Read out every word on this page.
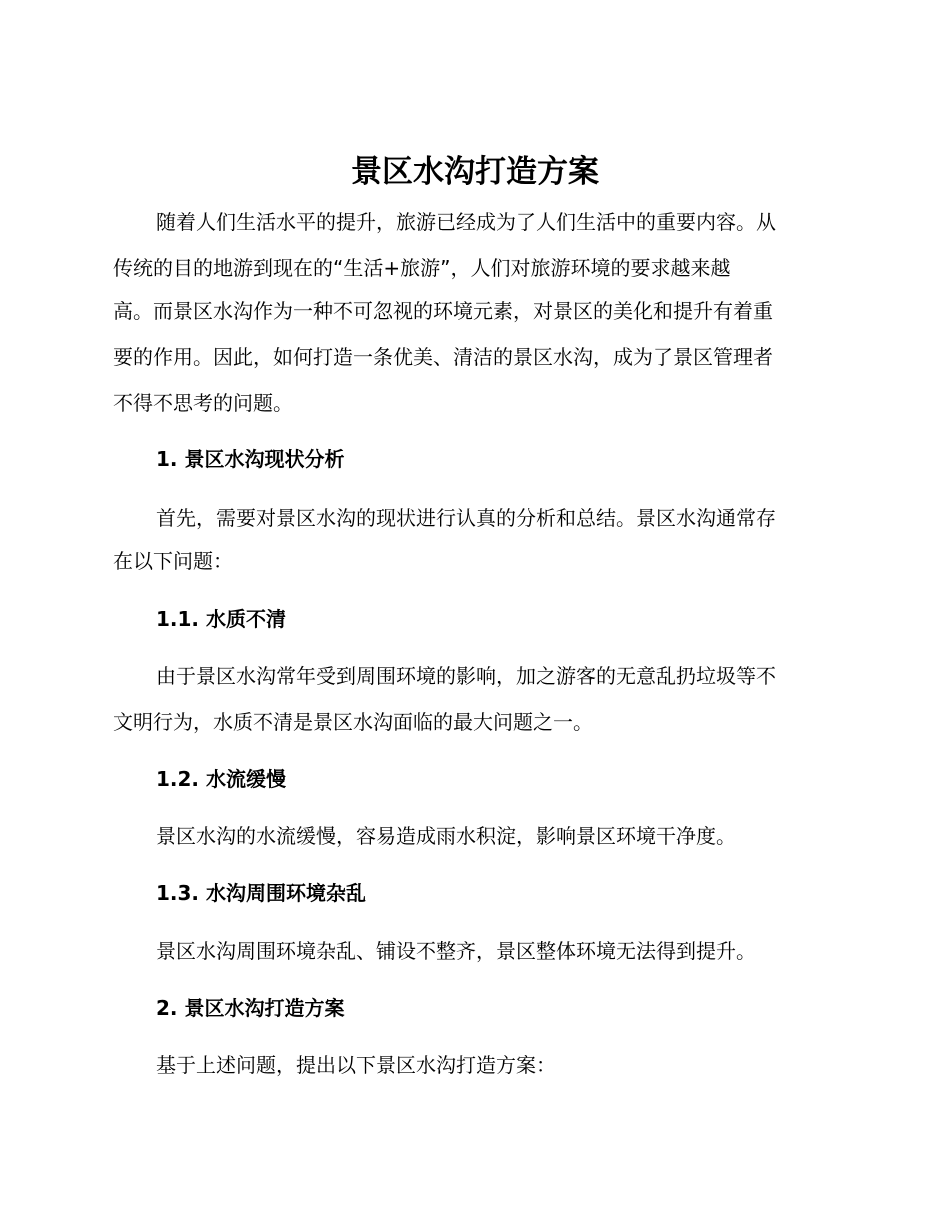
景区水沟打造方案

随着人们生活水平的提升，旅游已经成为了人们生活中的重要内容。从

传统的目的地游到现在的“生活+旅游”，人们对旅游环境的要求越来越

高。而景区水沟作为一种不可忽视的环境元素，对景区的美化和提升有着重

要的作用。因此，如何打造一条优美、清洁的景区水沟，成为了景区管理者

不得不思考的问题。

1. 景区水沟现状分析

首先，需要对景区水沟的现状进行认真的分析和总结。景区水沟通常存

在以下问题：

1.1. 水质不清

由于景区水沟常年受到周围环境的影响，加之游客的无意乱扔垃圾等不

文明行为，水质不清是景区水沟面临的最大问题之一。

1.2. 水流缓慢

景区水沟的水流缓慢，容易造成雨水积淀，影响景区环境干净度。

1.3. 水沟周围环境杂乱

景区水沟周围环境杂乱、铺设不整齐，景区整体环境无法得到提升。

2. 景区水沟打造方案

基于上述问题，提出以下景区水沟打造方案：
